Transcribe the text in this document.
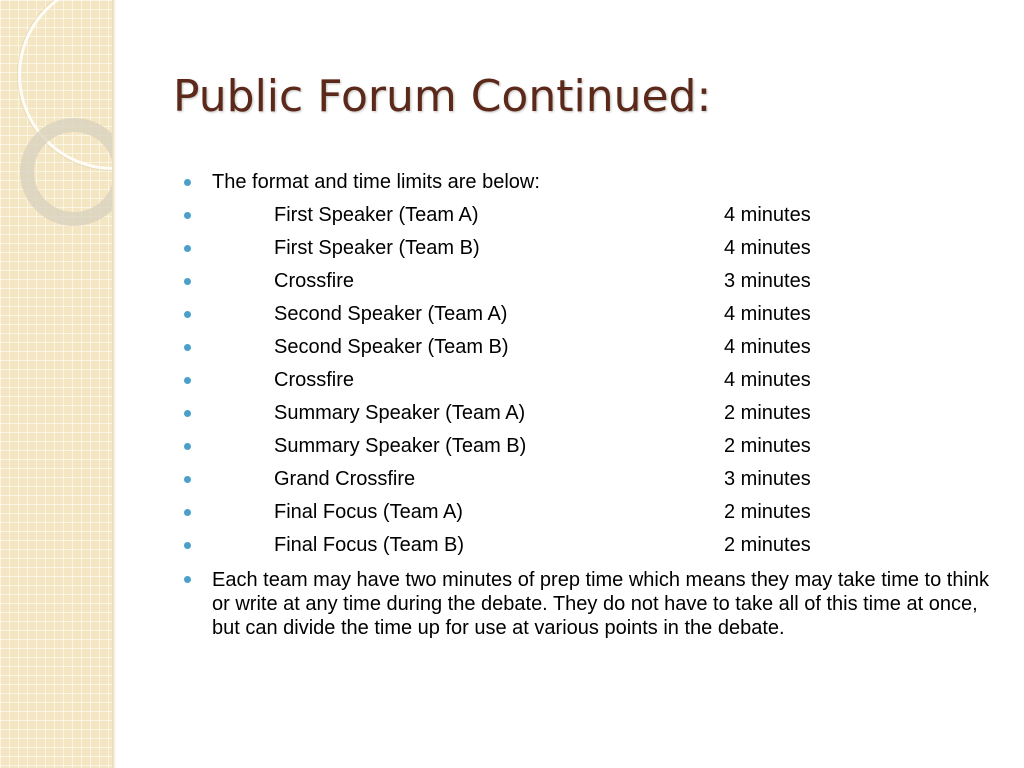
Public Forum Continued:
The format and time limits are below:
First Speaker (Team A)	4 minutes
First Speaker (Team B)	4 minutes
Crossfire	3 minutes
Second Speaker (Team A)	4 minutes
Second Speaker (Team B)	4 minutes
Crossfire	4 minutes
Summary Speaker (Team A)	2 minutes
Summary Speaker (Team B)	2 minutes
Grand Crossfire	3 minutes
Final Focus (Team A)	2 minutes
Final Focus (Team B)	2 minutes
Each team may have two minutes of prep time which means they may take time to think or write at any time during the debate. They do not have to take all of this time at once, but can divide the time up for use at various points in the debate.
